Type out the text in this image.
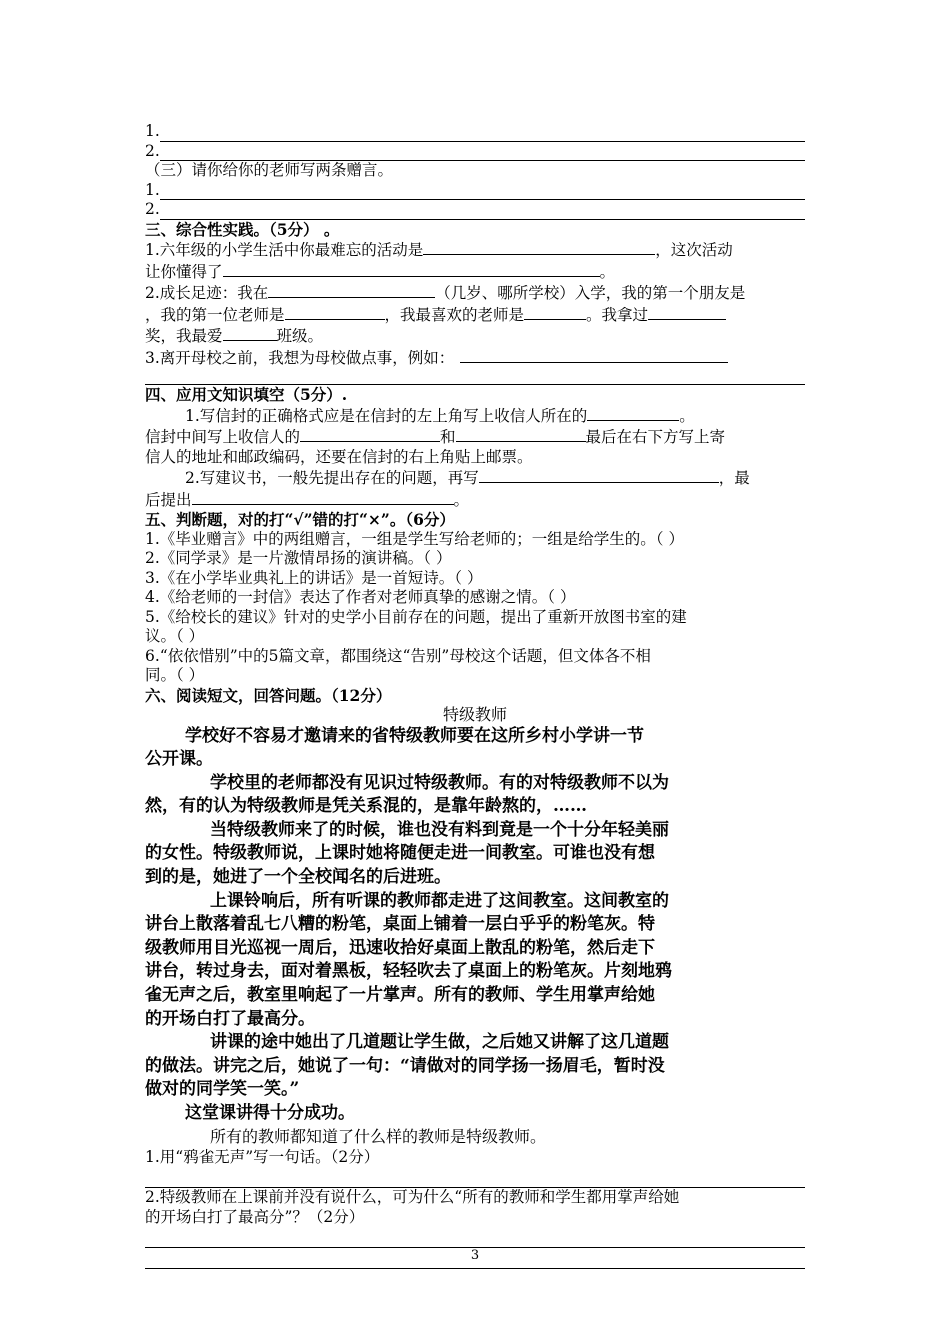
1.
2.
（三）请你给你的老师写两条赠言。
1.
2.
三、综合性实践。（5分） 。
1.六年级的小学生活中你最难忘的活动是	，这次活动
让你懂得了	。
2.成长足迹：我在	（几岁、哪所学校）入学，我的第一个朋友是
，我的第一位老师是	，我最喜欢的老师是	。我拿过
奖，我最爱	班级。
3.离开母校之前，我想为母校做点事，例如：
四、应用文知识填空（5分）.
1.写信封的正确格式应是在信封的左上角写上收信人所在的	。
信封中间写上收信人的	和	最后在右下方写上寄
信人的地址和邮政编码，还要在信封的右上角贴上邮票。
2.写建议书，一般先提出存在的问题，再写	，最
后提出	。
五、判断题，对的打“√”错的打“×”。（6分）
1.《毕业赠言》中的两组赠言，一组是学生写给老师的；一组是给学生的。（ ）
2.《同学录》是一片激情昂扬的演讲稿。（ ）
3.《在小学毕业典礼上的讲话》是一首短诗。（ ）
4.《给老师的一封信》表达了作者对老师真挚的感谢之情。（ ）
5.《给校长的建议》针对的史学小目前存在的问题，提出了重新开放图书室的建
议。（ ）
6.“依依惜别”中的5篇文章，都围绕这“告别”母校这个话题，但文体各不相
同。（ ）
六、阅读短文，回答问题。（12分）
特级教师
学校好不容易才邀请来的省特级教师要在这所乡村小学讲一节
公开课。
学校里的老师都没有见识过特级教师。有的对特级教师不以为
然，有的认为特级教师是凭关系混的，是靠年龄熬的，……
当特级教师来了的时候，谁也没有料到竟是一个十分年轻美丽
的女性。特级教师说，上课时她将随便走进一间教室。可谁也没有想
到的是，她进了一个全校闻名的后进班。
上课铃响后，所有听课的教师都走进了这间教室。这间教室的
讲台上散落着乱七八糟的粉笔，桌面上铺着一层白乎乎的粉笔灰。特
级教师用目光巡视一周后，迅速收拾好桌面上散乱的粉笔，然后走下
讲台，转过身去，面对着黑板，轻轻吹去了桌面上的粉笔灰。片刻地鸦
雀无声之后，教室里响起了一片掌声。所有的教师、学生用掌声给她
的开场白打了最高分。
讲课的途中她出了几道题让学生做，之后她又讲解了这几道题
的做法。讲完之后，她说了一句：“请做对的同学扬一扬眉毛，暂时没
做对的同学笑一笑。”
这堂课讲得十分成功。
所有的教师都知道了什么样的教师是特级教师。
1.用“鸦雀无声”写一句话。（2分）
2.特级教师在上课前并没有说什么，可为什么“所有的教师和学生都用掌声给她
的开场白打了最高分”？（2分）
3
